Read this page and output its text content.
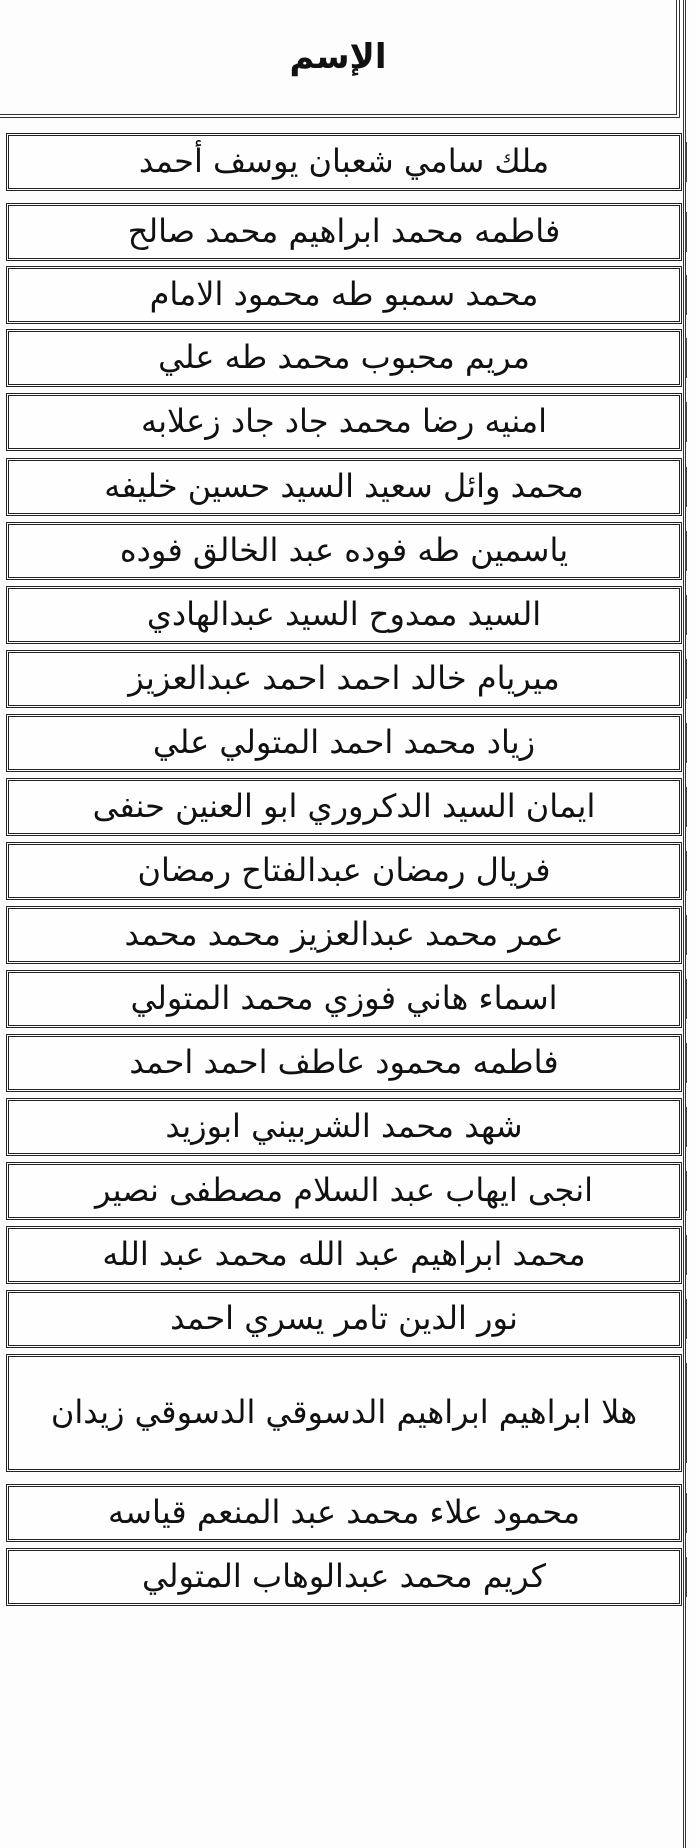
الإسم
ملك سامي شعبان يوسف أحمد
فاطمه محمد ابراهيم محمد صالح
محمد سمبو طه محمود الامام
مريم محبوب محمد طه علي
امنيه رضا محمد جاد جاد زعلابه
محمد وائل سعيد السيد حسين خليفه
ياسمين طه فوده عبد الخالق فوده
السيد ممدوح السيد عبدالهادي
ميريام خالد احمد احمد عبدالعزيز
زياد محمد احمد المتولي علي
ايمان السيد الدكروري ابو العنين حنفى
فريال رمضان عبدالفتاح رمضان
عمر محمد عبدالعزيز محمد محمد
اسماء هاني فوزي محمد المتولي
فاطمه محمود عاطف احمد احمد
شهد محمد الشربيني ابوزيد
انجى ايهاب عبد السلام مصطفى نصير
محمد ابراهيم عبد الله محمد عبد الله
نور الدين تامر يسري احمد
هلا ابراهيم ابراهيم الدسوقي الدسوقي زيدان
محمود علاء محمد عبد المنعم قياسه
كريم محمد عبدالوهاب المتولي
